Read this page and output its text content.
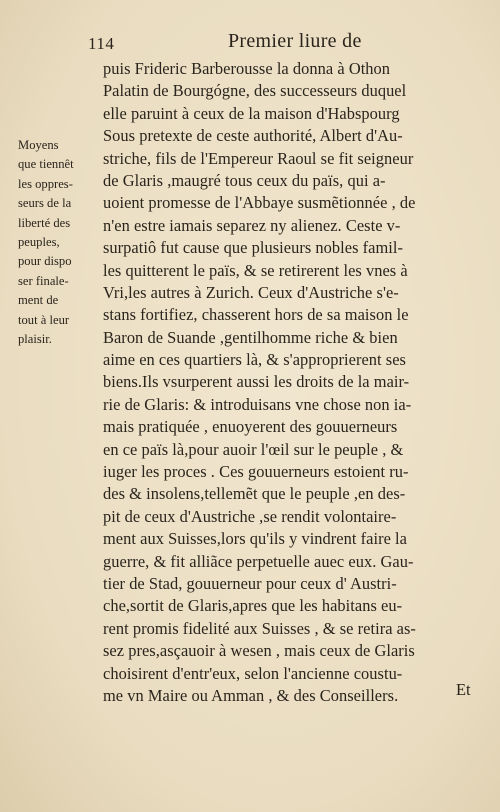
114	Premier liure de
Moyens
que tiennêt
les oppres-
seurs de la
liberté des
peuples,
pour dispo
ser finale-
ment de
tout à leur
plaisir.
puis Frideric Barberousse la donna à Othon
Palatin de Bourgógne, des successeurs duquel
elle paruint à ceux de la maison d'Habspourg
Sous pretexte de ceste authorité, Albert d'Au-
striche, fils de l'Empereur Raoul se fit seigneur
de Glaris ,maugré tous ceux du païs, qui a-
uoient promesse de l'Abbaye susmẽtionnée , de
n'en estre iamais separez ny alienez. Ceste v-
surpatiô fut cause que plusieurs nobles famil-
les quitterent le païs, & se retirerent les vnes à
Vri,les autres à Zurich. Ceux d'Austriche s'e-
stans fortifiez, chasserent hors de sa maison le
Baron de Suande ,gentilhomme riche & bien
aime en ces quartiers là, & s'approprierent ses
biens.Ils vsurperent aussi les droits de la mair-
rie de Glaris: & introduisans vne chose non ia-
mais pratiquée , enuoyerent des gouuerneurs
en ce païs là,pour auoir l'œil sur le peuple , &
iuger les proces . Ces gouuerneurs estoient ru-
des & insolens,tellemẽt que le peuple ,en des-
pit de ceux d'Austriche ,se rendit volontaire-
ment aux Suisses,lors qu'ils y vindrent faire la
guerre, & fit alliãce perpetuelle auec eux. Gau-
tier de Stad, gouuerneur pour ceux d' Austri-
che,sortit de Glaris,apres que les habitans eu-
rent promis fidelité aux Suisses , & se retira as-
sez pres,asçauoir à wesen , mais ceux de Glaris
choisirent d'entr'eux, selon l'ancienne coustu-
me vn Maire ou Amman , & des Conseillers.	Et
